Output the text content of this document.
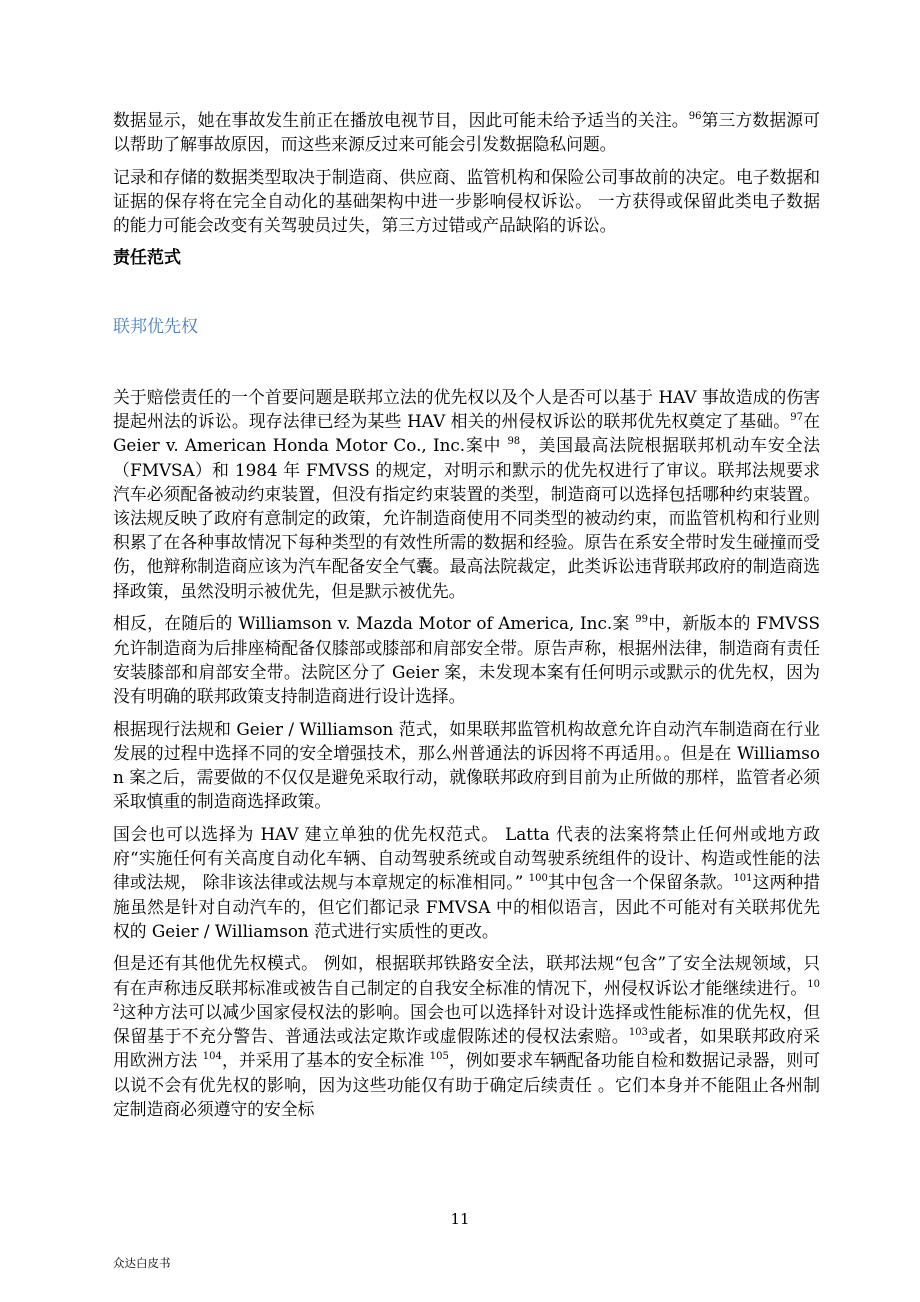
数据显示，她在事故发生前正在播放电视节目，因此可能未给予适当的关注。$^{96}$第三方数据源可以帮助了解事故原因，而这些来源反过来可能会引发数据隐私问题。

记录和存储的数据类型取决于制造商、供应商、监管机构和保险公司事故前的决定。电子数据和证据的保存将在完全自动化的基础架构中进一步影响侵权诉讼。 一方获得或保留此类电子数据的能力可能会改变有关驾驶员过失，第三方过错或产品缺陷的诉讼。

责任范式
联邦优先权

关于赔偿责任的一个首要问题是联邦立法的优先权以及个人是否可以基于 HAV 事故造成的伤害提起州法的诉讼。现存法律已经为某些 HAV 相关的州侵权诉讼的联邦优先权奠定了基础。$^{97}$在 Geier v. American Honda Motor Co., Inc.案中 $^{98}$，美国最高法院根据联邦机动车安全法（FMVSA）和 1984 年 FMVSS 的规定，对明示和默示的优先权进行了审议。联邦法规要求汽车必须配备被动约束装置，但没有指定约束装置的类型，制造商可以选择包括哪种约束装置。 该法规反映了政府有意制定的政策，允许制造商使用不同类型的被动约束，而监管机构和行业则积累了在各种事故情况下每种类型的有效性所需的数据和经验。原告在系安全带时发生碰撞而受伤，他辩称制造商应该为汽车配备安全气囊。最高法院裁定，此类诉讼违背联邦政府的制造商选择政策，虽然没明示被优先，但是默示被优先。

相反，在随后的 Williamson v. Mazda Motor of America, Inc.案 $^{99}$中，新版本的 FMVSS 允许制造商为后排座椅配备仅膝部或膝部和肩部安全带。原告声称，根据州法律，制造商有责任安装膝部和肩部安全带。法院区分了 Geier 案，未发现本案有任何明示或默示的优先权，因为没有明确的联邦政策支持制造商进行设计选择。

根据现行法规和 Geier / Williamson 范式，如果联邦监管机构故意允许自动汽车制造商在行业发展的过程中选择不同的安全增强技术，那么州普通法的诉因将不再适用。。但是在 Williamson 案之后，需要做的不仅仅是避免采取行动，就像联邦政府到目前为止所做的那样，监管者必须采取慎重的制造商选择政策。

国会也可以选择为 HAV 建立单独的优先权范式。 Latta 代表的法案将禁止任何州或地方政府“实施任何有关高度自动化车辆、自动驾驶系统或自动驾驶系统组件的设计、构造或性能的法律或法规， 除非该法律或法规与本章规定的标准相同。” $^{100}$其中包含一个保留条款。$^{101}$这两种措施虽然是针对自动汽车的，但它们都记录 FMVSA 中的相似语言，因此不可能对有关联邦优先权的 Geier / Williamson 范式进行实质性的更改。

但是还有其他优先权模式。 例如，根据联邦铁路安全法，联邦法规“包含”了安全法规领域，只有在声称违反联邦标准或被告自己制定的自我安全标准的情况下，州侵权诉讼才能继续进行。$^{102}$这种方法可以减少国家侵权法的影响。国会也可以选择针对设计选择或性能标准的优先权，但保留基于不充分警告、普通法或法定欺诈或虚假陈述的侵权法索赔。$^{103}$或者，如果联邦政府采用欧洲方法 $^{104}$，并采用了基本的安全标准 $^{105}$，例如要求车辆配备功能自检和数据记录器，则可以说不会有优先权的影响，因为这些功能仅有助于确定后续责任 。它们本身并不能阻止各州制定制造商必须遵守的安全标

11
众达白皮书
